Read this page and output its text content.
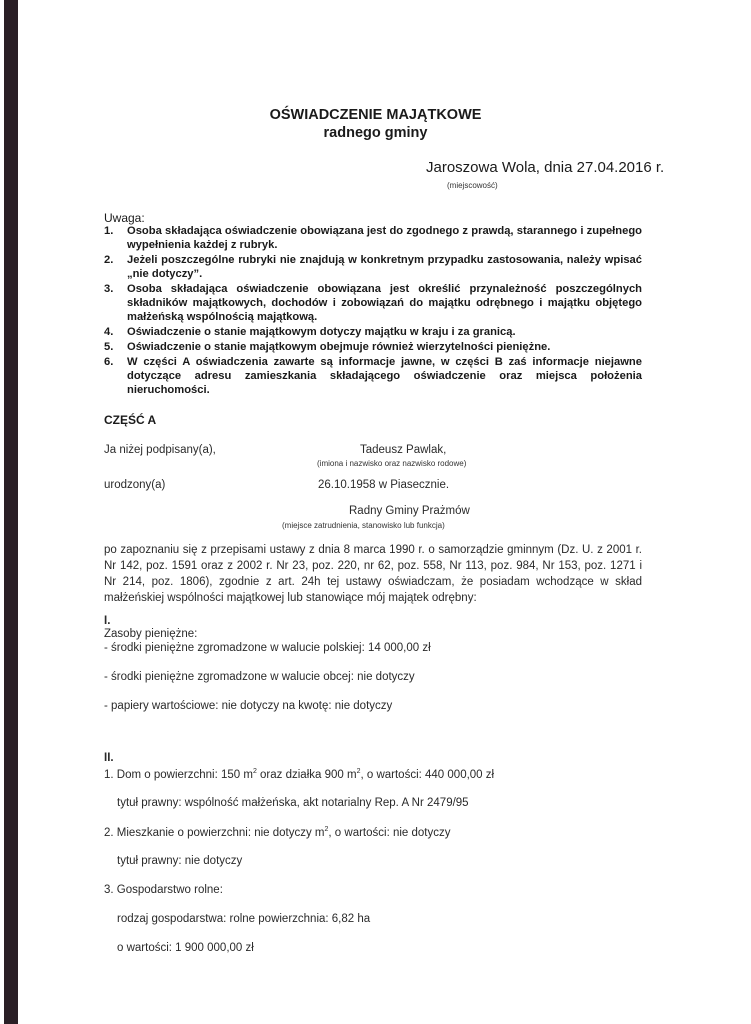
OŚWIADCZENIE MAJĄTKOWE
radnego gminy
Jaroszowa Wola, dnia 27.04.2016 r.
(miejscowość)
Uwaga:
1. Osoba składająca oświadczenie obowiązana jest do zgodnego z prawdą, starannego i zupełnego wypełnienia każdej z rubryk.
2. Jeżeli poszczególne rubryki nie znajdują w konkretnym przypadku zastosowania, należy wpisać „nie dotyczy”.
3. Osoba składająca oświadczenie obowiązana jest określić przynależność poszczególnych składników majątkowych, dochodów i zobowiązań do majątku odrębnego i majątku objętego małżeńską wspólnością majątkową.
4. Oświadczenie o stanie majątkowym dotyczy majątku w kraju i za granicą.
5. Oświadczenie o stanie majątkowym obejmuje również wierzytelności pieniężne.
6. W części A oświadczenia zawarte są informacje jawne, w części B zaś informacje niejawne dotyczące adresu zamieszkania składającego oświadczenie oraz miejsca położenia nieruchomości.
CZĘŚĆ A
Ja niżej podpisany(a),	Tadeusz Pawlak,
(imiona i nazwisko oraz nazwisko rodowe)
urodzony(a)	26.10.1958 w Piasecznie.
Radny Gminy Prażmów
(miejsce zatrudnienia, stanowisko lub funkcja)
po zapoznaniu się z przepisami ustawy z dnia 8 marca 1990 r. o samorządzie gminnym (Dz. U. z 2001 r. Nr 142, poz. 1591 oraz z 2002 r. Nr 23, poz. 220, nr 62, poz. 558, Nr 113, poz. 984, Nr 153, poz. 1271 i Nr 214, poz. 1806), zgodnie z art. 24h tej ustawy oświadczam, że posiadam wchodzące w skład małżeńskiej wspólności majątkowej lub stanowiące mój majątek odrębny:
I.
Zasoby pieniężne:
- środki pieniężne zgromadzone w walucie polskiej: 14 000,00 zł
- środki pieniężne zgromadzone w walucie obcej: nie dotyczy
- papiery wartościowe: nie dotyczy na kwotę: nie dotyczy
II.
1. Dom o powierzchni: 150 $m^2$ oraz działka 900 $m^2$, o wartości: 440 000,00 zł
tytuł prawny: wspólność małżeńska, akt notarialny Rep. A Nr 2479/95
2. Mieszkanie o powierzchni: nie dotyczy $m^2$, o wartości: nie dotyczy
tytuł prawny: nie dotyczy
3. Gospodarstwo rolne:
rodzaj gospodarstwa: rolne powierzchnia: 6,82 ha
o wartości: 1 900 000,00 zł
